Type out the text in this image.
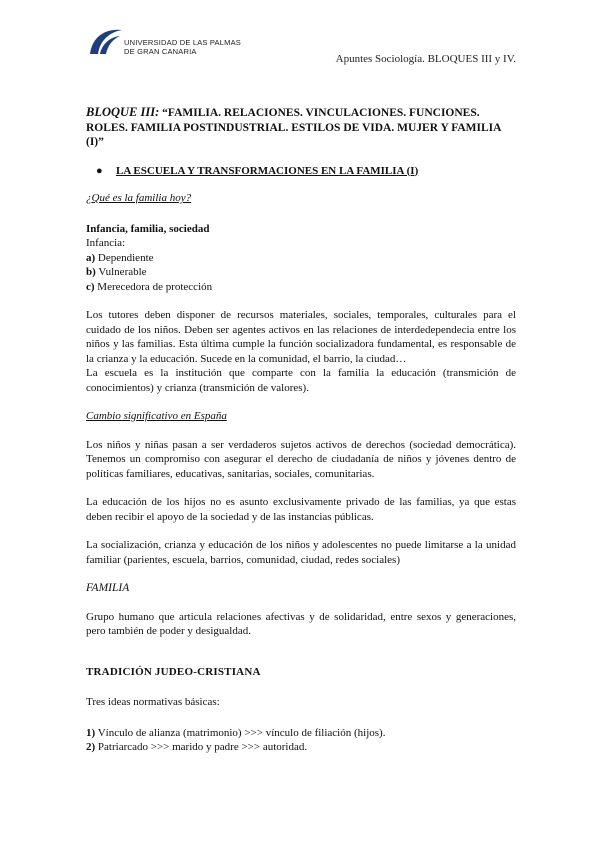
UNIVERSIDAD DE LAS PALMAS
DE GRAN CANARIA
Apuntes Sociología. BLOQUES III y IV.

BLOQUE III: “FAMILIA. RELACIONES. VINCULACIONES. FUNCIONES. ROLES. FAMILIA POSTINDUSTRIAL. ESTILOS DE VIDA. MUJER Y FAMILIA (I)”

● LA ESCUELA Y TRANSFORMACIONES EN LA FAMILIA (I)

¿Qué es la familia hoy?

Infancia, familia, sociedad

Infancia:

a) Dependiente

b) Vulnerable

c) Merecedora de protección

Los tutores deben disponer de recursos materiales, sociales, temporales, culturales para el cuidado de los niños. Deben ser agentes activos en las relaciones de interdedependecia entre los niños y las familias. Esta última cumple la función socializadora fundamental, es responsable de la crianza y la educación. Sucede en la comunidad, el barrio, la ciudad…

La escuela es la institución que comparte con la familia la educación (transmición de conocimientos) y crianza (transmición de valores).

Cambio significativo en España

Los niños y niñas pasan a ser verdaderos sujetos activos de derechos (sociedad democrática). Tenemos un compromiso con asegurar el derecho de ciudadanía de niños y jóvenes dentro de políticas familiares, educativas, sanitarias, sociales, comunitarias.

La educación de los hijos no es asunto exclusivamente privado de las familias, ya que estas deben recibir el apoyo de la sociedad y de las instancias públicas.

La socialización, crianza y educación de los niños y adolescentes no puede limitarse a la unidad familiar (parientes, escuela, barrios, comunidad, ciudad, redes sociales)

FAMILIA

Grupo humano que articula relaciones afectivas y de solidaridad, entre sexos y generaciones, pero también de poder y desigualdad.

TRADICIÓN JUDEO-CRISTIANA

Tres ideas normativas básicas:

1) Vínculo de alianza (matrimonio) >>> vínculo de filiación (hijos).

2) Patriarcado >>> marido y padre >>> autoridad.
